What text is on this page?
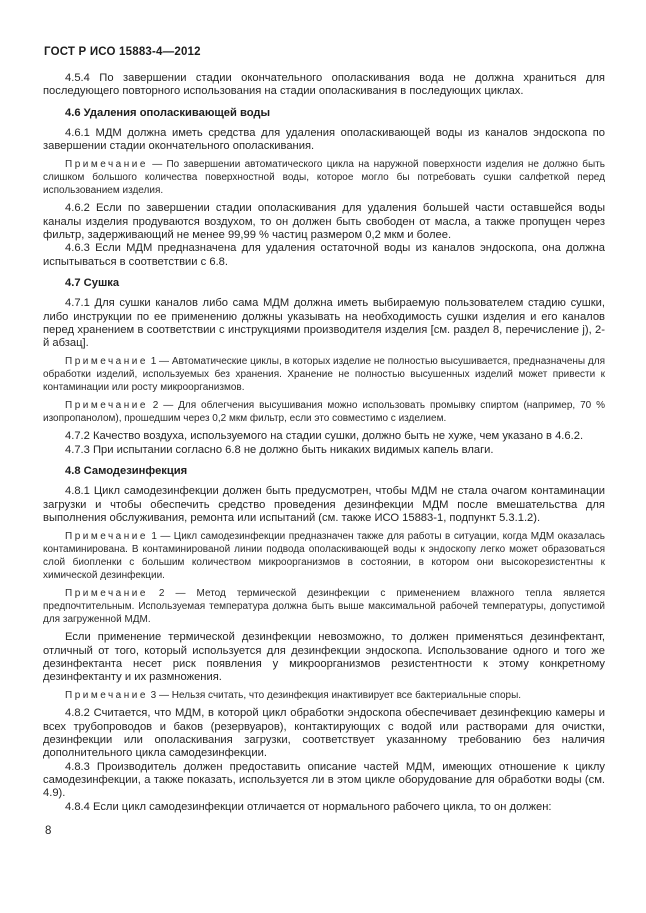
ГОСТ Р ИСО 15883-4—2012

4.5.4 По завершении стадии окончательного ополаскивания вода не должна храниться для последующего повторного использования на стадии ополаскивания в последующих циклах.

4.6 Удаления ополаскивающей воды

4.6.1 МДМ должна иметь средства для удаления ополаскивающей воды из каналов эндоскопа по завершении стадии окончательного ополаскивания.

Примечание — По завершении автоматического цикла на наружной поверхности изделия не должно быть слишком большого количества поверхностной воды, которое могло бы потребовать сушки салфеткой перед использованием изделия.

4.6.2 Если по завершении стадии ополаскивания для удаления большей части оставшейся воды каналы изделия продуваются воздухом, то он должен быть свободен от масла, а также пропущен через фильтр, задерживающий не менее 99,99 % частиц размером 0,2 мкм и более.

4.6.3 Если МДМ предназначена для удаления остаточной воды из каналов эндоскопа, она должна испытываться в соответствии с 6.8.

4.7 Сушка

4.7.1 Для сушки каналов либо сама МДМ должна иметь выбираемую пользователем стадию сушки, либо инструкции по ее применению должны указывать на необходимость сушки изделия и его каналов перед хранением в соответствии с инструкциями производителя изделия [см. раздел 8, перечисление j), 2-й абзац].

Примечание 1 — Автоматические циклы, в которых изделие не полностью высушивается, предназначены для обработки изделий, используемых без хранения. Хранение не полностью высушенных изделий может привести к контаминации или росту микроорганизмов.

Примечание 2 — Для облегчения высушивания можно использовать промывку спиртом (например, 70 % изопропанолом), прошедшим через 0,2 мкм фильтр, если это совместимо с изделием.

4.7.2 Качество воздуха, используемого на стадии сушки, должно быть не хуже, чем указано в 4.6.2.

4.7.3 При испытании согласно 6.8 не должно быть никаких видимых капель влаги.

4.8 Самодезинфекция

4.8.1 Цикл самодезинфекции должен быть предусмотрен, чтобы МДМ не стала очагом контаминации загрузки и чтобы обеспечить средство проведения дезинфекции МДМ после вмешательства для выполнения обслуживания, ремонта или испытаний (см. также ИСО 15883-1, подпункт 5.3.1.2).

Примечание 1 — Цикл самодезинфекции предназначен также для работы в ситуации, когда МДМ оказалась контаминирована. В контаминированой линии подвода ополаскивающей воды к эндоскопу легко может образоваться слой биопленки с большим количеством микроорганизмов в состоянии, в котором они высокорезистентны к химической дезинфекции.

Примечание 2 — Метод термической дезинфекции с применением влажного тепла является предпочтительным. Используемая температура должна быть выше максимальной рабочей температуры, допустимой для загруженной МДМ.

Если применение термической дезинфекции невозможно, то должен применяться дезинфектант, отличный от того, который используется для дезинфекции эндоскопа. Использование одного и того же дезинфектанта несет риск появления у микроорганизмов резистентности к этому конкретному дезинфектанту и их размножения.

Примечание 3 — Нельзя считать, что дезинфекция инактивирует все бактериальные споры.

4.8.2 Считается, что МДМ, в которой цикл обработки эндоскопа обеспечивает дезинфекцию камеры и всех трубопроводов и баков (резервуаров), контактирующих с водой или растворами для очистки, дезинфекции или ополаскивания загрузки, соответствует указанному требованию без наличия дополнительного цикла самодезинфекции.

4.8.3 Производитель должен предоставить описание частей МДМ, имеющих отношение к циклу самодезинфекции, а также показать, используется ли в этом цикле оборудование для обработки воды (см. 4.9).

4.8.4 Если цикл самодезинфекции отличается от нормального рабочего цикла, то он должен:

8
